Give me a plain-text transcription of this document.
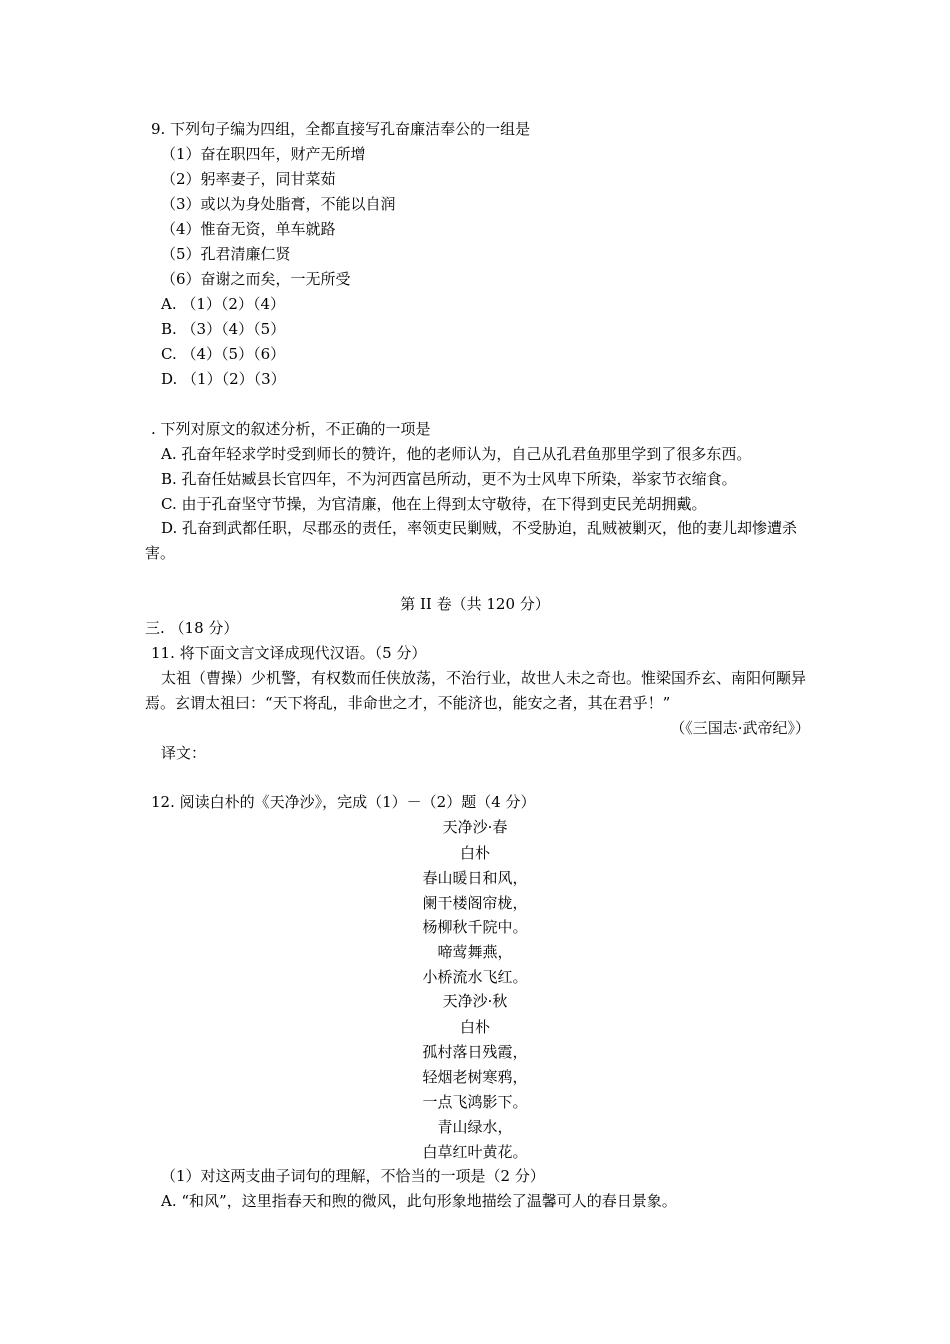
9. 下列句子编为四组，全都直接写孔奋廉洁奉公的一组是
（1）奋在职四年，财产无所增
（2）躬率妻子，同甘菜茹
（3）或以为身处脂膏，不能以自润
（4）惟奋无资，单车就路
（5）孔君清廉仁贤
（6）奋谢之而矣，一无所受
A. （1）（2）（4）
B. （3）（4）（5）
C. （4）（5）（6）
D. （1）（2）（3）
. 下列对原文的叙述分析，不正确的一项是
A. 孔奋年轻求学时受到师长的赞许，他的老师认为，自己从孔君鱼那里学到了很多东西。
B. 孔奋任姑臧县长官四年，不为河西富邑所动，更不为士风卑下所染，举家节衣缩食。
C. 由于孔奋坚守节操，为官清廉，他在上得到太守敬待，在下得到吏民羌胡拥戴。
D. 孔奋到武都任职，尽郡丞的责任，率领吏民剿贼，不受胁迫，乱贼被剿灭，他的妻儿却惨遭杀害。
第 II 卷（共 120 分）
三. （18 分）
11. 将下面文言文译成现代汉语。（5 分）
太祖（曹操）少机警，有权数而任侠放荡，不治行业，故世人未之奇也。惟梁国乔玄、南阳何颙异焉。玄谓太祖曰：“天下将乱，非命世之才，不能济也，能安之者，其在君乎！”
（《三国志·武帝纪》）
译文：
12. 阅读白朴的《天净沙》，完成（1）－（2）题（4 分）
天净沙·春
白朴
春山暖日和风，
阑干楼阁帘栊，
杨柳秋千院中。
啼莺舞燕，
小桥流水飞红。
天净沙·秋
白朴
孤村落日残霞，
轻烟老树寒鸦，
一点飞鸿影下。
青山绿水，
白草红叶黄花。
（1）对这两支曲子词句的理解，不恰当的一项是（2 分）
A. “和风”，这里指春天和煦的微风，此句形象地描绘了温馨可人的春日景象。
